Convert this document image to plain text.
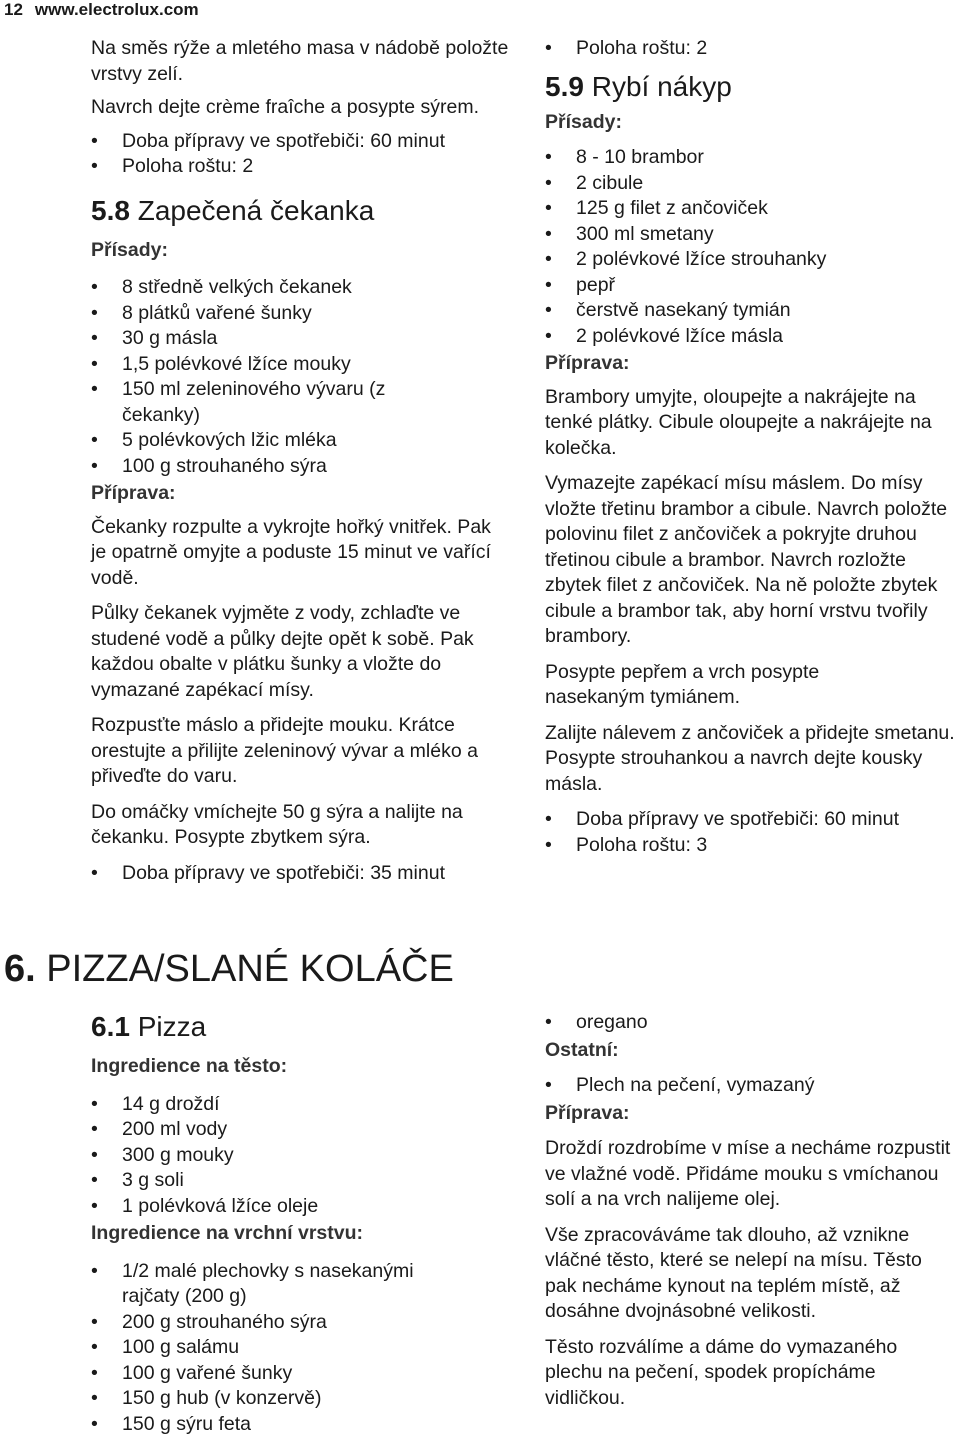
12 www.electrolux.com

Na směs rýže a mletého masa v nádobě položte vrstvy zelí.

Navrch dejte crème fraîche a posypte sýrem.

• Doba přípravy ve spotřebiči: 60 minut
• Poloha roštu: 2
5.8 Zapečená čekanka
Přísady:
• 8 středně velkých čekanek
• 8 plátků vařené šunky
• 30 g másla
• 1,5 polévkové lžíce mouky
• 150 ml zeleninového vývaru (z čekanky)
• 5 polévkových lžic mléka
• 100 g strouhaného sýra
Příprava:

Čekanky rozpulte a vykrojte hořký vnitřek. Pak je opatrně omyjte a poduste 15 minut ve vařící vodě.

Půlky čekanek vyjměte z vody, zchlaďte ve studené vodě a půlky dejte opět k sobě. Pak každou obalte v plátku šunky a vložte do vymazané zapékací mísy.

Rozpusťte máslo a přidejte mouku. Krátce orestujte a přilijte zeleninový vývar a mléko a přiveďte do varu.

Do omáčky vmíchejte 50 g sýra a nalijte na čekanku. Posypte zbytkem sýra.

• Doba přípravy ve spotřebiči: 35 minut
• Poloha roštu: 2
5.9 Rybí nákyp
Přísady:
• 8 - 10 brambor
• 2 cibule
• 125 g filet z ančoviček
• 300 ml smetany
• 2 polévkové lžíce strouhanky
• pepř
• čerstvě nasekaný tymián
• 2 polévkové lžíce másla
Příprava:

Brambory umyjte, oloupejte a nakrájejte na tenké plátky. Cibule oloupejte a nakrájejte na kolečka.

Vymazejte zapékací mísu máslem. Do mísy vložte třetinu brambor a cibule. Navrch položte polovinu filet z ančoviček a pokryjte druhou třetinou cibule a brambor. Navrch rozložte zbytek filet z ančoviček. Na ně položte zbytek cibule a brambor tak, aby horní vrstvu tvořily brambory.

Posypte pepřem a vrch posypte nasekaným tymiánem.

Zalijte nálevem z ančoviček a přidejte smetanu. Posypte strouhankou a navrch dejte kousky másla.

• Doba přípravy ve spotřebiči: 60 minut
• Poloha roštu: 3
6. PIZZA/SLANÉ KOLÁČE
6.1 Pizza
Ingredience na těsto:
• 14 g droždí
• 200 ml vody
• 300 g mouky
• 3 g soli
• 1 polévková lžíce oleje
Ingredience na vrchní vrstvu:
• 1/2 malé plechovky s nasekanými rajčaty (200 g)
• 200 g strouhaného sýra
• 100 g salámu
• 100 g vařené šunky
• 150 g hub (v konzervě)
• 150 g sýru feta
• oregano
Ostatní:
• Plech na pečení, vymazaný
Příprava:

Droždí rozdrobíme v míse a necháme rozpustit ve vlažné vodě. Přidáme mouku s vmíchanou solí a na vrch nalijeme olej.

Vše zpracováváme tak dlouho, až vznikne vláčné těsto, které se nelepí na mísu. Těsto pak necháme kynout na teplém místě, až dosáhne dvojnásobné velikosti.

Těsto rozválíme a dáme do vymazaného plechu na pečení, spodek propícháme vidličkou.
